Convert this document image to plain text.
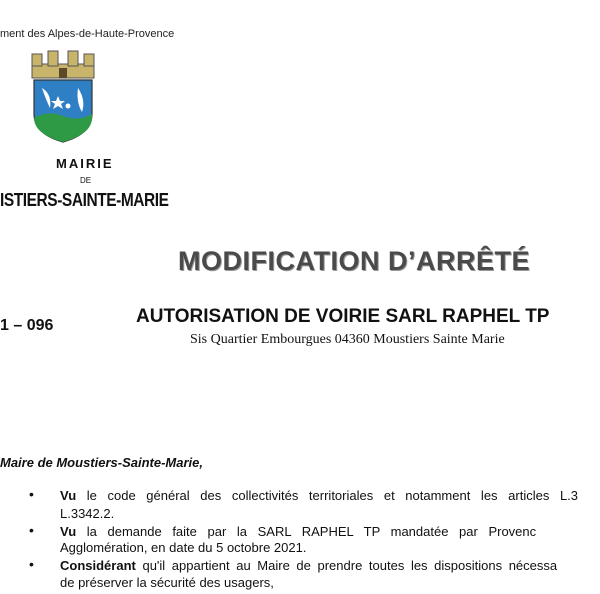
ment des Alpes-de-Haute-Provence
MAIRIE
DE
ISTIERS-SAINTE-MARIE
MODIFICATION D’ARRÊTÉ
1 – 096	AUTORISATION DE VOIRIE SARL RAPHEL TP
Sis Quartier Embourgues 04360 Moustiers Sainte Marie
Maire de Moustiers-Sainte-Marie,
• Vu le code général des collectivités territoriales et notamment les articles L.3
L.3342.2.
• Vu la demande faite par la SARL RAPHEL TP mandatée par Provenc
Agglomération, en date du 5 octobre 2021.
• Considérant qu'il appartient au Maire de prendre toutes les dispositions nécessa
de préserver la sécurité des usagers,
